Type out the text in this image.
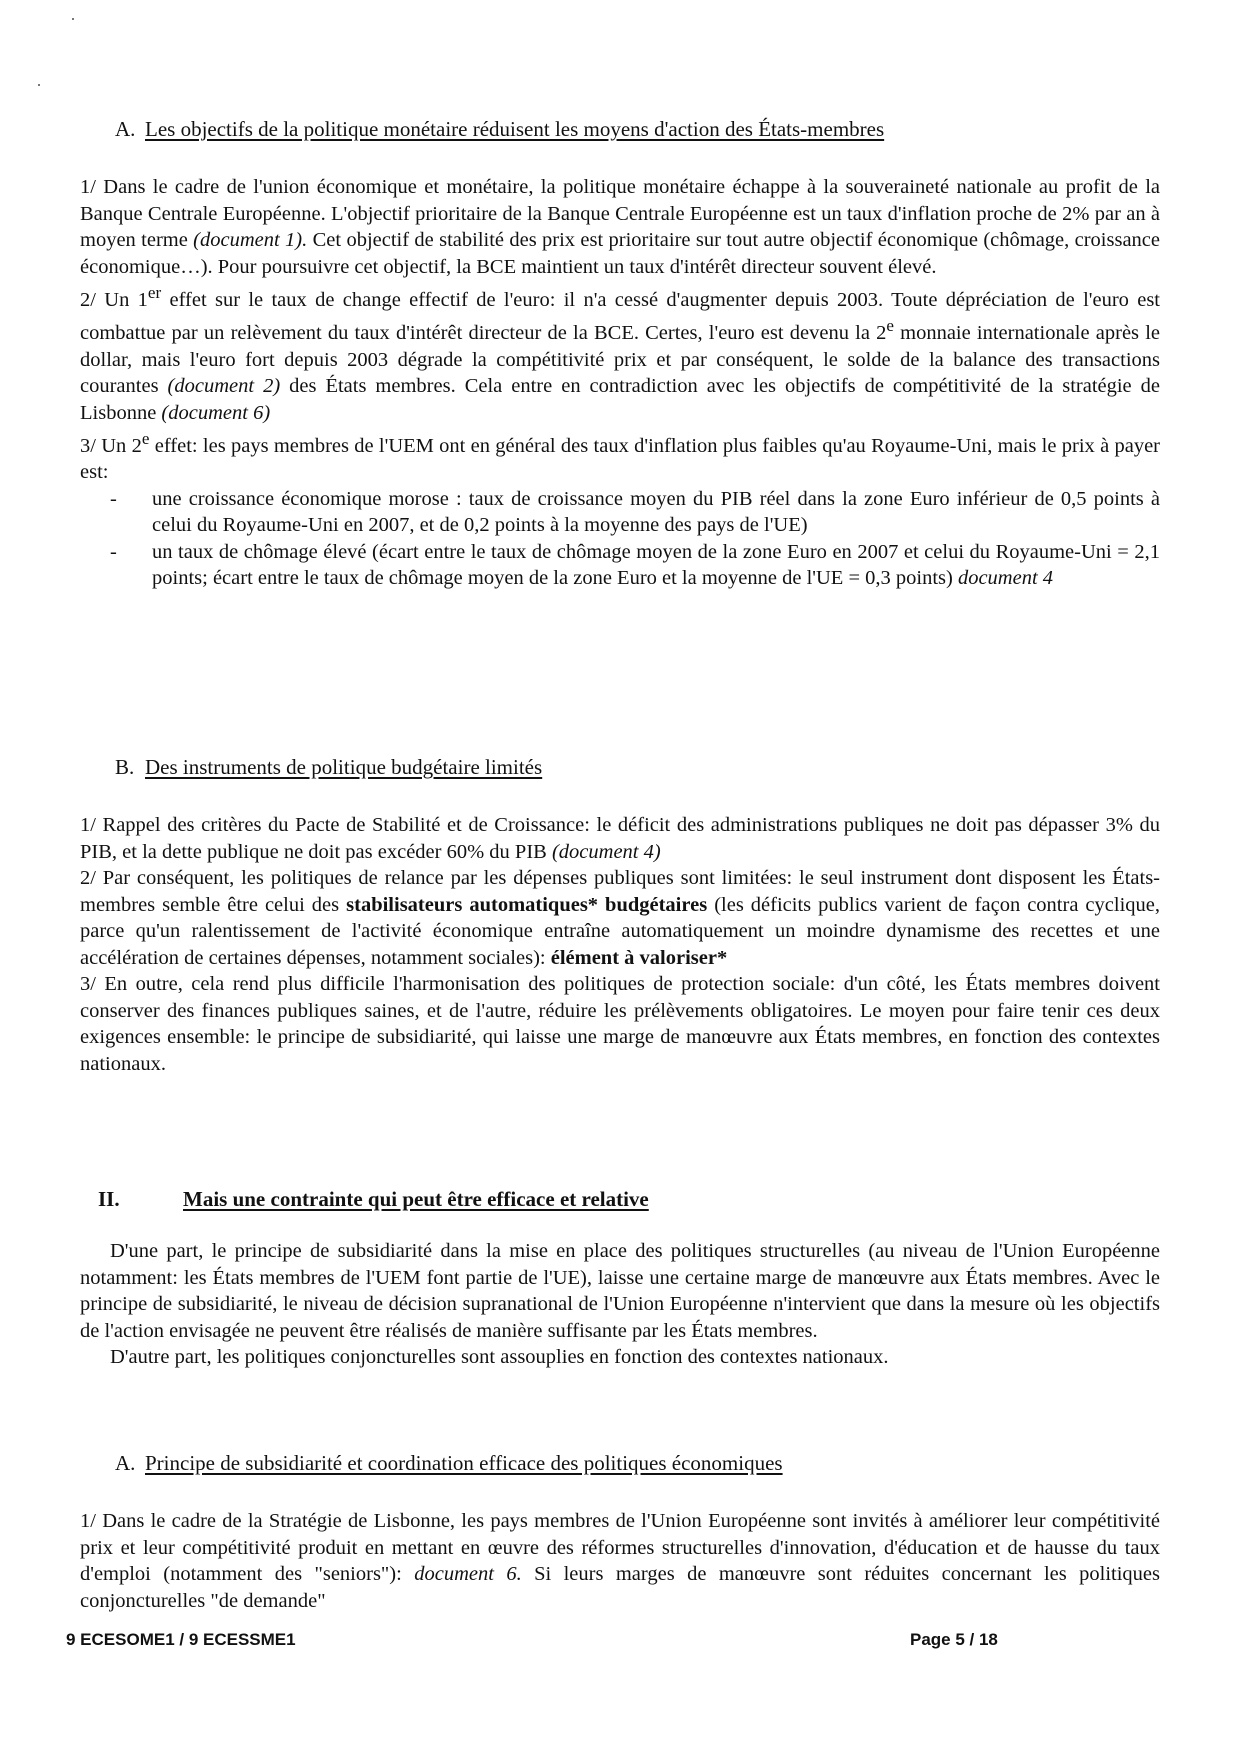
A. Les objectifs de la politique monétaire réduisent les moyens d'action des États-membres

1/ Dans le cadre de l'union économique et monétaire, la politique monétaire échappe à la souveraineté nationale au profit de la Banque Centrale Européenne. L'objectif prioritaire de la Banque Centrale Européenne est un taux d'inflation proche de 2% par an à moyen terme (document 1). Cet objectif de stabilité des prix est prioritaire sur tout autre objectif économique (chômage, croissance économique…). Pour poursuivre cet objectif, la BCE maintient un taux d'intérêt directeur souvent élevé.

2/ Un 1er effet sur le taux de change effectif de l'euro: il n'a cessé d'augmenter depuis 2003. Toute dépréciation de l'euro est combattue par un relèvement du taux d'intérêt directeur de la BCE. Certes, l'euro est devenu la 2e monnaie internationale après le dollar, mais l'euro fort depuis 2003 dégrade la compétitivité prix et par conséquent, le solde de la balance des transactions courantes (document 2) des États membres. Cela entre en contradiction avec les objectifs de compétitivité de la stratégie de Lisbonne (document 6)

3/ Un 2e effet: les pays membres de l'UEM ont en général des taux d'inflation plus faibles qu'au Royaume-Uni, mais le prix à payer est:

- une croissance économique morose : taux de croissance moyen du PIB réel dans la zone Euro inférieur de 0,5 points à celui du Royaume-Uni en 2007, et de 0,2 points à la moyenne des pays de l'UE)

- un taux de chômage élevé (écart entre le taux de chômage moyen de la zone Euro en 2007 et celui du Royaume-Uni = 2,1 points; écart entre le taux de chômage moyen de la zone Euro et la moyenne de l'UE = 0,3 points) document 4

B. Des instruments de politique budgétaire limités

1/ Rappel des critères du Pacte de Stabilité et de Croissance: le déficit des administrations publiques ne doit pas dépasser 3% du PIB, et la dette publique ne doit pas excéder 60% du PIB (document 4)

2/ Par conséquent, les politiques de relance par les dépenses publiques sont limitées: le seul instrument dont disposent les États-membres semble être celui des stabilisateurs automatiques* budgétaires (les déficits publics varient de façon contra cyclique, parce qu'un ralentissement de l'activité économique entraîne automatiquement un moindre dynamisme des recettes et une accélération de certaines dépenses, notamment sociales): élément à valoriser*

3/ En outre, cela rend plus difficile l'harmonisation des politiques de protection sociale: d'un côté, les États membres doivent conserver des finances publiques saines, et de l'autre, réduire les prélèvements obligatoires. Le moyen pour faire tenir ces deux exigences ensemble: le principe de subsidiarité, qui laisse une marge de manœuvre aux États membres, en fonction des contextes nationaux.

II.	Mais une contrainte qui peut être efficace et relative

D'une part, le principe de subsidiarité dans la mise en place des politiques structurelles (au niveau de l'Union Européenne notamment: les États membres de l'UEM font partie de l'UE), laisse une certaine marge de manœuvre aux États membres. Avec le principe de subsidiarité, le niveau de décision supranational de l'Union Européenne n'intervient que dans la mesure où les objectifs de l'action envisagée ne peuvent être réalisés de manière suffisante par les États membres.

D'autre part, les politiques conjoncturelles sont assouplies en fonction des contextes nationaux.

A. Principe de subsidiarité et coordination efficace des politiques économiques

1/ Dans le cadre de la Stratégie de Lisbonne, les pays membres de l'Union Européenne sont invités à améliorer leur compétitivité prix et leur compétitivité produit en mettant en œuvre des réformes structurelles d'innovation, d'éducation et de hausse du taux d'emploi (notamment des "seniors"): document 6. Si leurs marges de manœuvre sont réduites concernant les politiques conjoncturelles "de demande"

9 ECESOME1 / 9 ECESSME1	Page 5 / 18
